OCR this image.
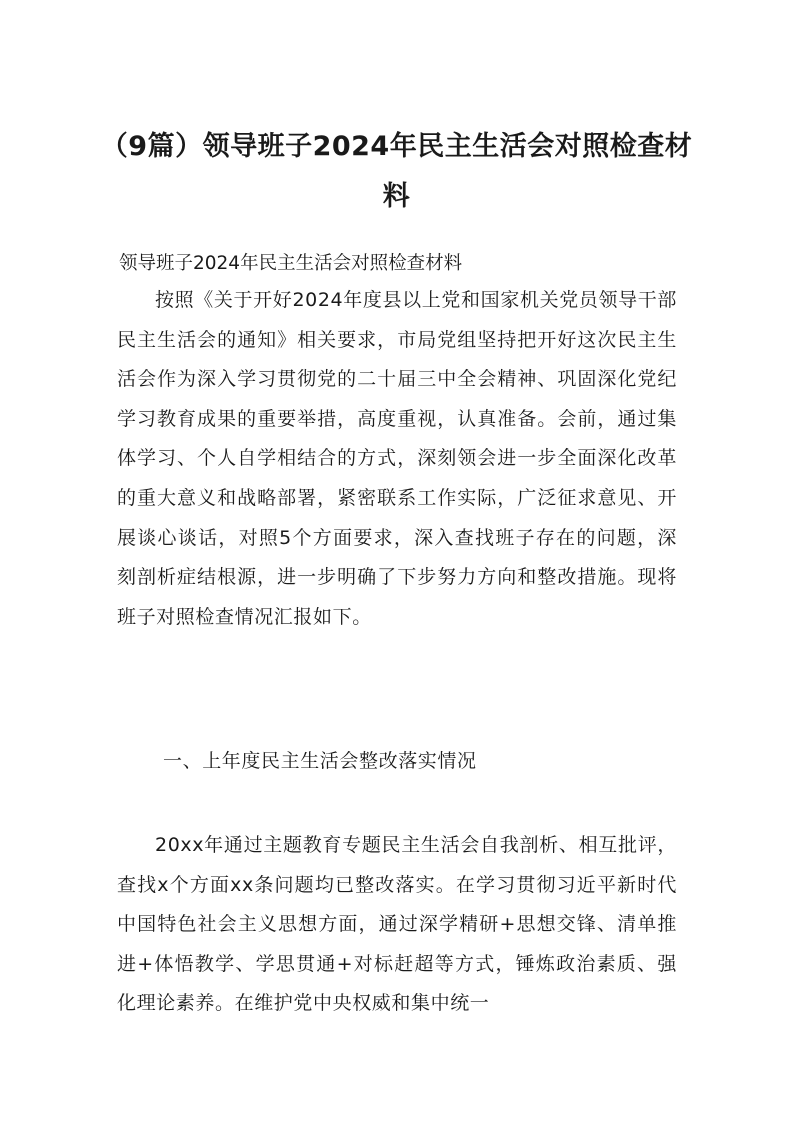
（9篇）领导班子2024年民主生活会对照检查材料

领导班子2024年民主生活会对照检查材料

按照《关于开好2024年度县以上党和国家机关党员领导干部民主生活会的通知》相关要求，市局党组坚持把开好这次民主生活会作为深入学习贯彻党的二十届三中全会精神、巩固深化党纪学习教育成果的重要举措，高度重视，认真准备。会前，通过集体学习、个人自学相结合的方式，深刻领会进一步全面深化改革的重大意义和战略部署，紧密联系工作实际，广泛征求意见、开展谈心谈话，对照5个方面要求，深入查找班子存在的问题，深刻剖析症结根源，进一步明确了下步努力方向和整改措施。现将班子对照检查情况汇报如下。

一、上年度民主生活会整改落实情况

20xx年通过主题教育专题民主生活会自我剖析、相互批评，查找x个方面xx条问题均已整改落实。在学习贯彻习近平新时代中国特色社会主义思想方面，通过深学精研+思想交锋、清单推进+体悟教学、学思贯通+对标赶超等方式，锤炼政治素质、强化理论素养。在维护党中央权威和集中统一
